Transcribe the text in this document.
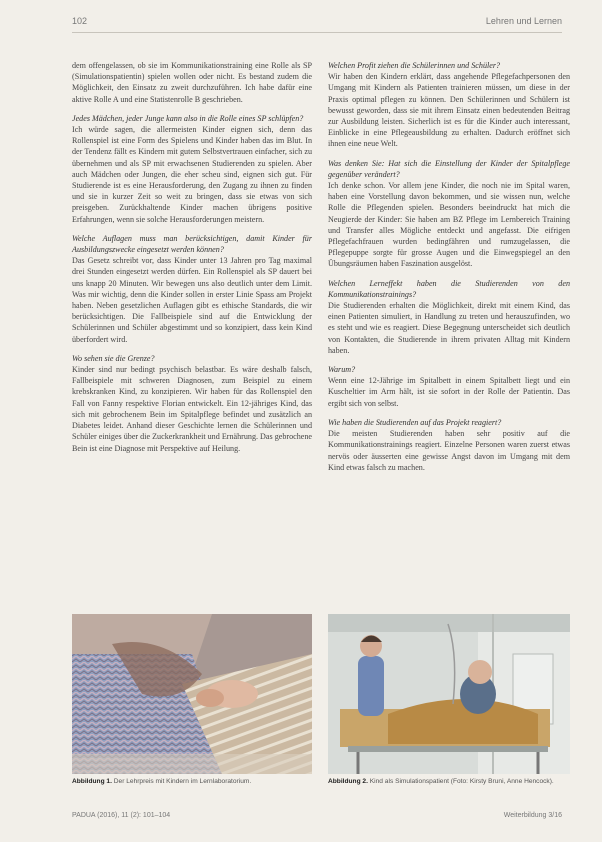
102	Lehren und Lernen

dem offengelassen, ob sie im Kommunikationstraining eine Rolle als SP (Simulationspatientin) spielen wollen oder nicht. Es bestand zudem die Möglichkeit, den Einsatz zu zweit durchzuführen. Ich habe dafür eine aktive Rolle A und eine Statistenrolle B geschrieben.

Jedes Mädchen, jeder Junge kann also in die Rolle eines SP schlüpfen?

Ich würde sagen, die allermeisten Kinder eignen sich, denn das Rollenspiel ist eine Form des Spielens und Kinder haben das im Blut. In der Tendenz fällt es Kindern mit gutem Selbstvertrauen einfacher, sich zu übernehmen und als SP mit erwachsenen Studierenden zu spielen. Aber auch Mädchen oder Jungen, die eher scheu sind, eignen sich gut. Für Studierende ist es eine Herausforderung, den Zugang zu ihnen zu finden und sie in kurzer Zeit so weit zu bringen, dass sie etwas von sich preisgeben. Zurückhaltende Kinder machen übrigens positive Erfahrungen, wenn sie solche Herausforderungen meistern.

Welche Auflagen muss man berücksichtigen, damit Kinder für Ausbildungszwecke eingesetzt werden können?

Das Gesetz schreibt vor, dass Kinder unter 13 Jahren pro Tag maximal drei Stunden eingesetzt werden dürfen. Ein Rollenspiel als SP dauert bei uns knapp 20 Minuten. Wir bewegen uns also deutlich unter dem Limit. Was mir wichtig, denn die Kinder sollen in erster Linie Spass am Projekt haben. Neben gesetzlichen Auflagen gibt es ethische Standards, die wir berücksichtigen. Die Fallbeispiele sind auf die Entwicklung der Schülerinnen und Schüler abgestimmt und so konzipiert, dass kein Kind überfordert wird.

Wo sehen sie die Grenze?

Kinder sind nur bedingt psychisch belastbar. Es wäre deshalb falsch, Fallbeispiele mit schweren Diagnosen, zum Beispiel zu einem krebskranken Kind, zu konzipieren. Wir haben für das Rollenspiel den Fall von Fanny respektive Florian entwickelt. Ein 12-jähriges Kind, das sich mit gebrochenem Bein im Spitalpflege befindet und zusätzlich an Diabetes leidet. Anhand dieser Geschichte lernen die Schülerinnen und Schüler einiges über die Zuckerkrankheit und Ernährung. Das gebrochene Bein ist eine Diagnose mit Perspektive auf Heilung.

Welchen Profit ziehen die Schülerinnen und Schüler?

Wir haben den Kindern erklärt, dass angehende Pflegefachpersonen den Umgang mit Kindern als Patienten trainieren müssen, um diese in der Praxis optimal pflegen zu können. Den Schülerinnen und Schülern ist bewusst geworden, dass sie mit ihrem Einsatz einen bedeutenden Beitrag zur Ausbildung leisten. Sicherlich ist es für die Kinder auch interessant, Einblicke in eine Pflegeausbildung zu erhalten. Dadurch eröffnet sich ihnen eine neue Welt.

Was denken Sie: Hat sich die Einstellung der Kinder der Spitalpflege gegenüber verändert?

Ich denke schon. Vor allem jene Kinder, die noch nie im Spital waren, haben eine Vorstellung davon bekommen, und sie wissen nun, welche Rolle die Pflegenden spielen. Besonders beeindruckt hat mich die Neugierde der Kinder: Sie haben am BZ Pflege im Lernbereich Training und Transfer alles Mögliche entdeckt und angefasst. Die eifrigen Pflegefachfrauen wurden bedingfähren und rumzugelassen, die Pflegepuppe sorgte für grosse Augen und die Einwegspiegel an den Übungsräumen haben Faszination ausgelöst.

Welchen Lerneffekt haben die Studierenden von den Kommunikationstrainings?

Die Studierenden erhalten die Möglichkeit, direkt mit einem Kind, das einen Patienten simuliert, in Handlung zu treten und herauszufinden, wo es steht und wie es reagiert. Diese Begegnung unterscheidet sich deutlich von Kontakten, die Studierende in ihrem privaten Alltag mit Kindern haben.

Warum?

Wenn eine 12-Jährige im Spitalbett in einem Spitalbett liegt und ein Kuscheltier im Arm hält, ist sie sofort in der Rolle der Patientin. Das ergibt sich von selbst.

Wie haben die Studierenden auf das Projekt reagiert?

Die meisten Studierenden haben sehr positiv auf die Kommunikationstrainings reagiert. Einzelne Personen waren zuerst etwas nervös oder äusserten eine gewisse Angst davon im Umgang mit dem Kind etwas falsch zu machen.

Abbildung 1. Der Lehrpreis mit Kindern im Lernlaboratorium.	Abbildung 2. Kind als Simulationspatient (Foto: Kirsty Bruni, Anne Hencock).
PADUA (2016), 11 (2): 101–104	Weiterbildung 3/16
